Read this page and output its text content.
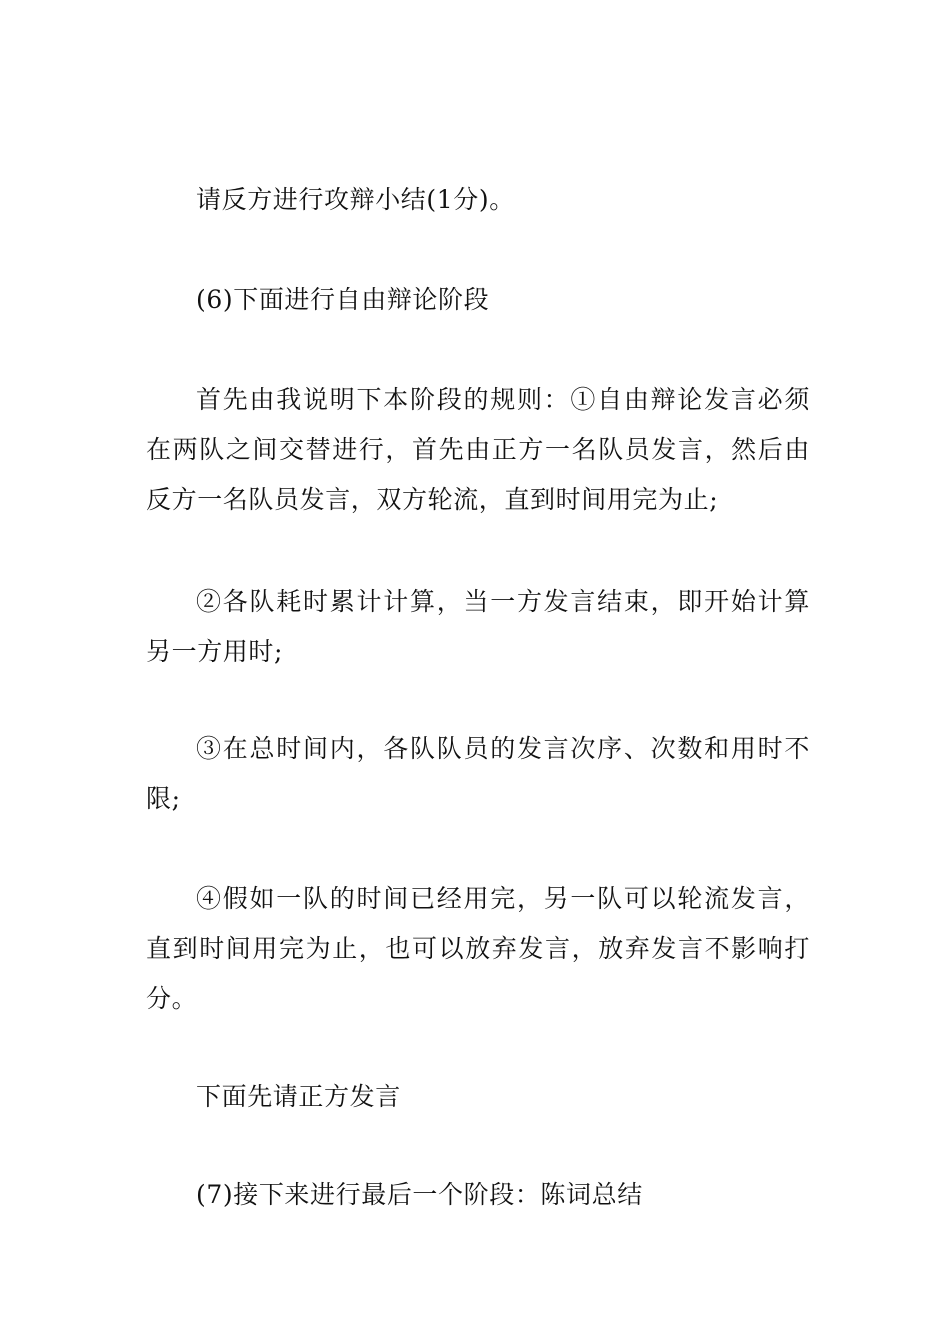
请反方进行攻辩小结(1分)。

(6)下面进行自由辩论阶段

首先由我说明下本阶段的规则：①自由辩论发言必须在两队之间交替进行，首先由正方一名队员发言，然后由反方一名队员发言，双方轮流，直到时间用完为止;

②各队耗时累计计算，当一方发言结束，即开始计算另一方用时;

③在总时间内，各队队员的发言次序、次数和用时不限;

④假如一队的时间已经用完，另一队可以轮流发言，直到时间用完为止，也可以放弃发言，放弃发言不影响打分。

下面先请正方发言

(7)接下来进行最后一个阶段：陈词总结
